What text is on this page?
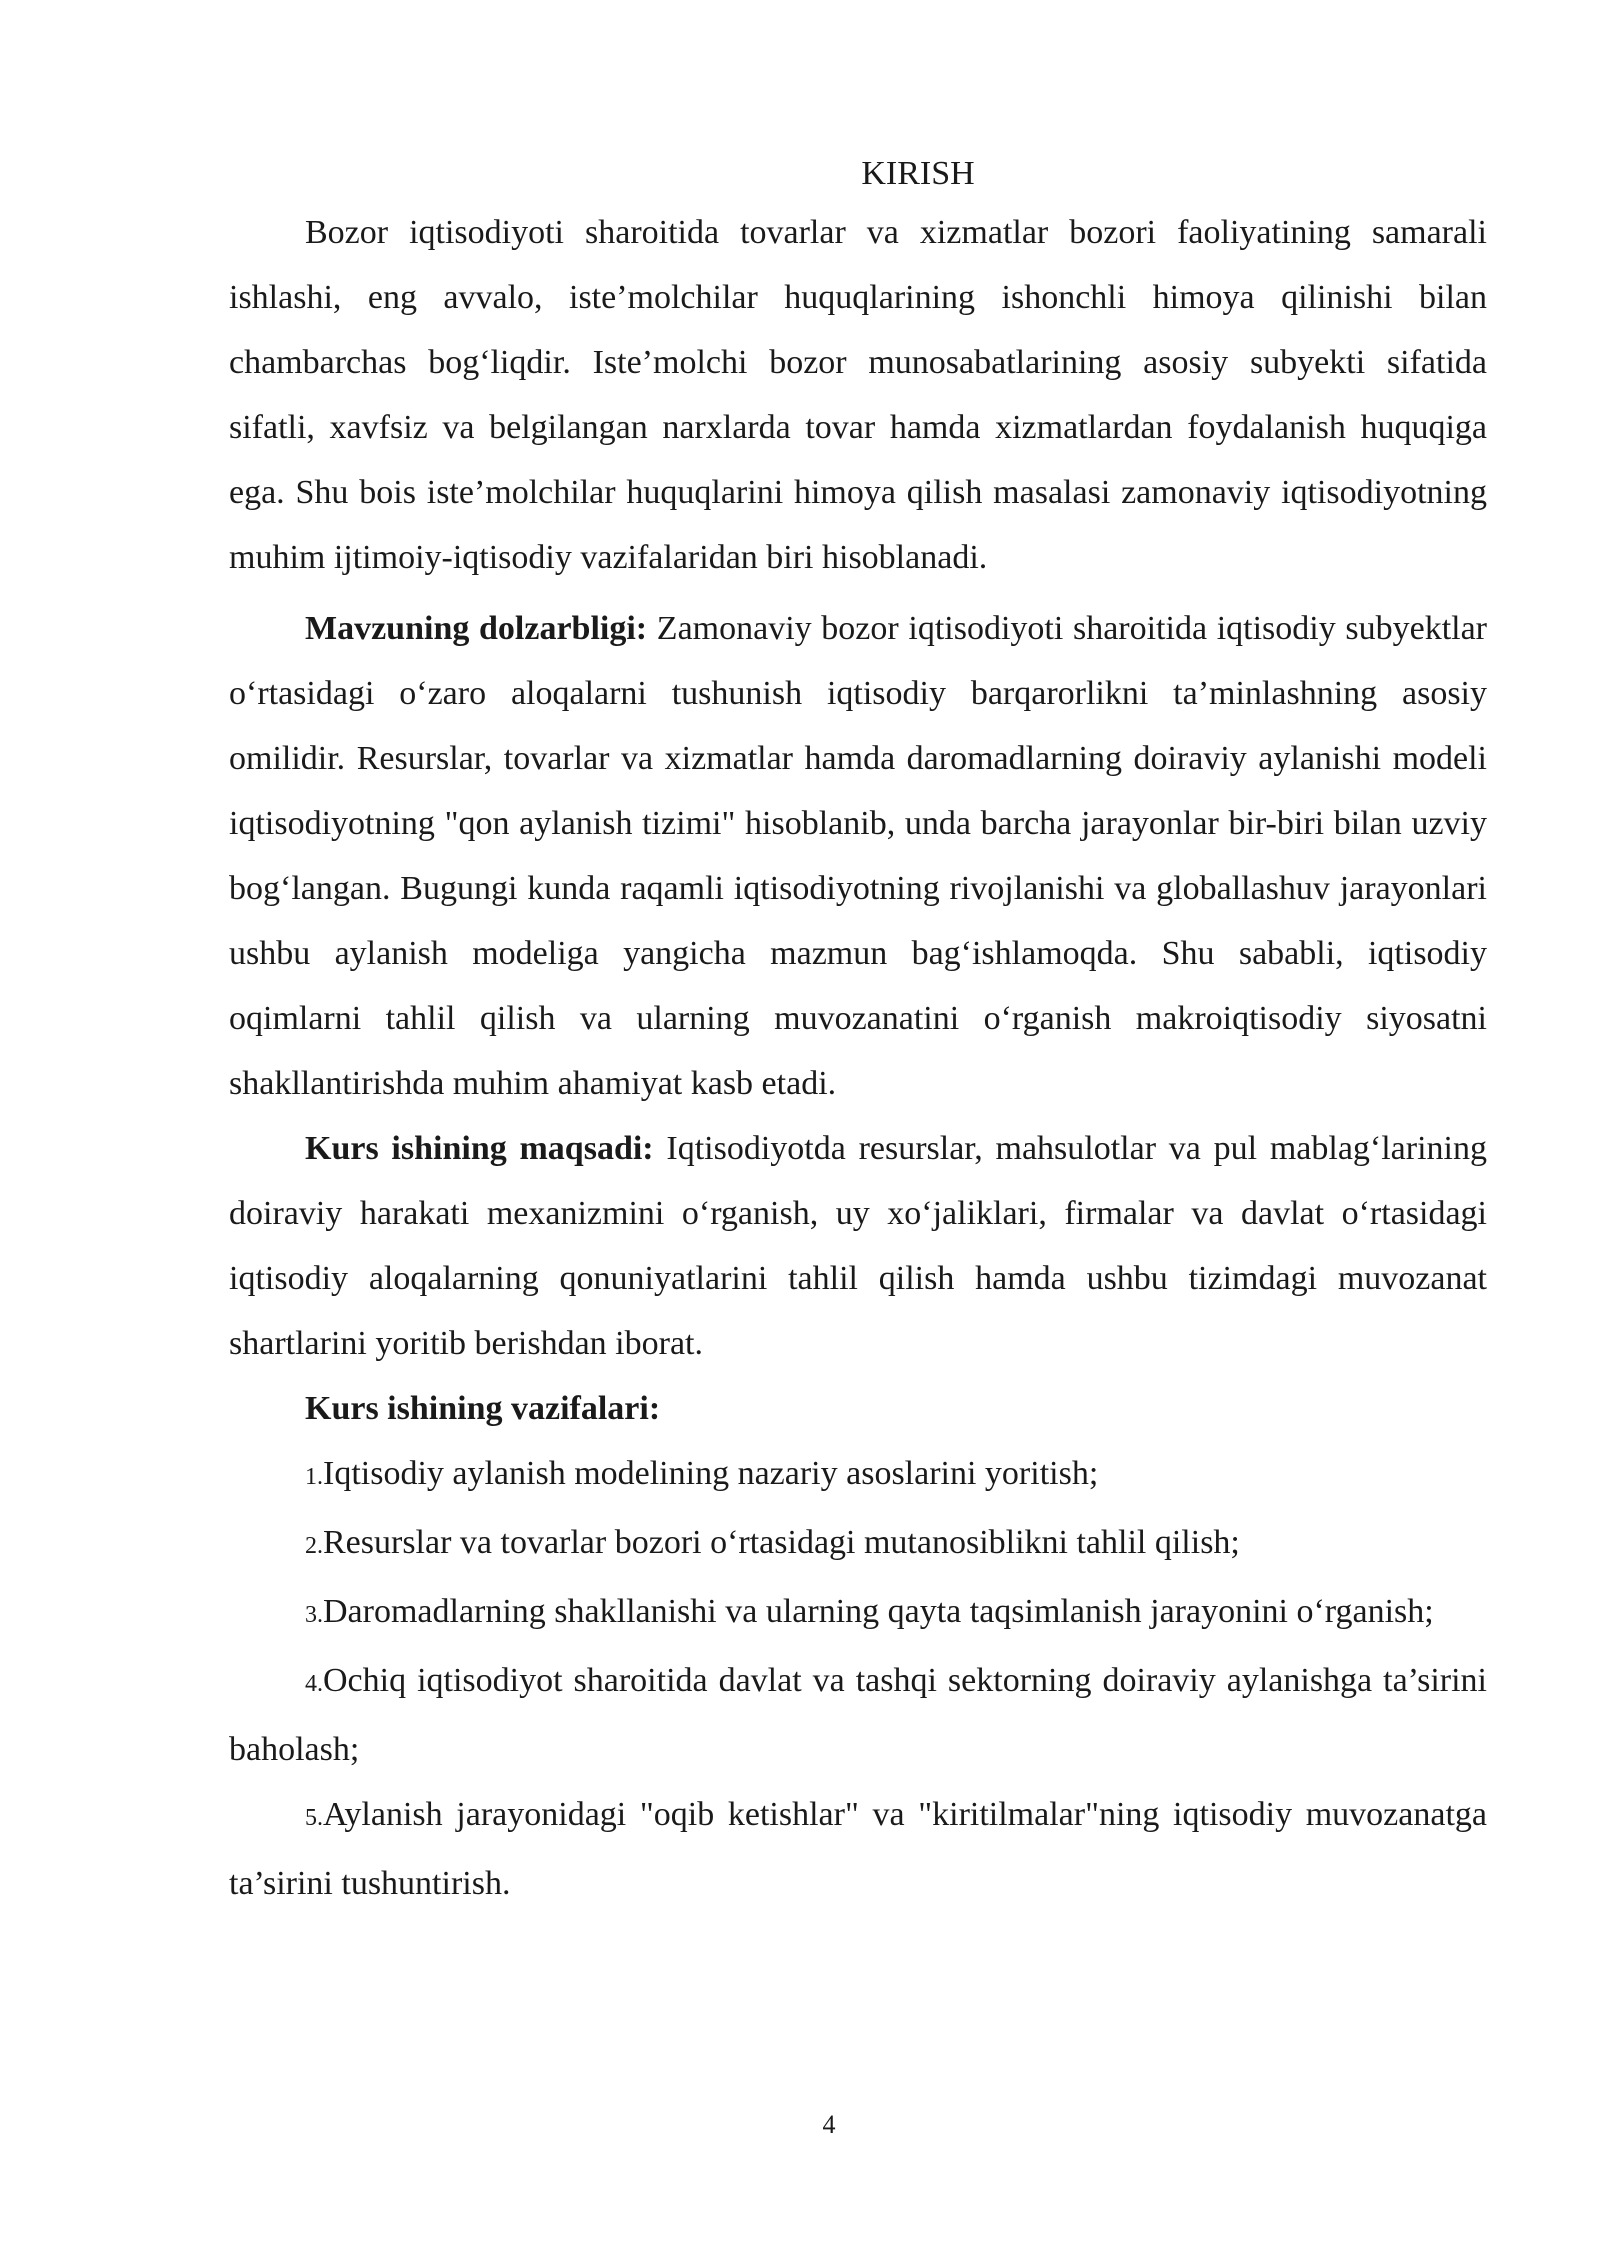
KIRISH

Bozor iqtisodiyoti sharoitida tovarlar va xizmatlar bozori faoliyatining samarali ishlashi, eng avvalo, iste’molchilar huquqlarining ishonchli himoya qilinishi bilan chambarchas bog‘liqdir. Iste’molchi bozor munosabatlarining asosiy subyekti sifatida sifatli, xavfsiz va belgilangan narxlarda tovar hamda xizmatlardan foydalanish huquqiga ega. Shu bois iste’molchilar huquqlarini himoya qilish masalasi zamonaviy iqtisodiyotning muhim ijtimoiy-iqtisodiy vazifalaridan biri hisoblanadi.

Mavzuning dolzarbligi: Zamonaviy bozor iqtisodiyoti sharoitida iqtisodiy subyektlar o‘rtasidagi o‘zaro aloqalarni tushunish iqtisodiy barqarorlikni ta’minlashning asosiy omilidir. Resurslar, tovarlar va xizmatlar hamda daromadlarning doiraviy aylanishi modeli iqtisodiyotning "qon aylanish tizimi" hisoblanib, unda barcha jarayonlar bir-biri bilan uzviy bog‘langan. Bugungi kunda raqamli iqtisodiyotning rivojlanishi va globallashuv jarayonlari ushbu aylanish modeliga yangicha mazmun bag‘ishlamoqda. Shu sababli, iqtisodiy oqimlarni tahlil qilish va ularning muvozanatini o‘rganish makroiqtisodiy siyosatni shakllantirishda muhim ahamiyat kasb etadi.

Kurs ishining maqsadi: Iqtisodiyotda resurslar, mahsulotlar va pul mablag‘larining doiraviy harakati mexanizmini o‘rganish, uy xo‘jaliklari, firmalar va davlat o‘rtasidagi iqtisodiy aloqalarning qonuniyatlarini tahlil qilish hamda ushbu tizimdagi muvozanat shartlarini yoritib berishdan iborat.

Kurs ishining vazifalari:

1.Iqtisodiy aylanish modelining nazariy asoslarini yoritish;

2.Resurslar va tovarlar bozori o‘rtasidagi mutanosiblikni tahlil qilish;

3.Daromadlarning shakllanishi va ularning qayta taqsimlanish jarayonini o‘rganish;

4.Ochiq iqtisodiyot sharoitida davlat va tashqi sektorning doiraviy aylanishga ta’sirini baholash;

5.Aylanish jarayonidagi "oqib ketishlar" va "kiritilmalar"ning iqtisodiy muvozanatga ta’sirini tushuntirish.

4
